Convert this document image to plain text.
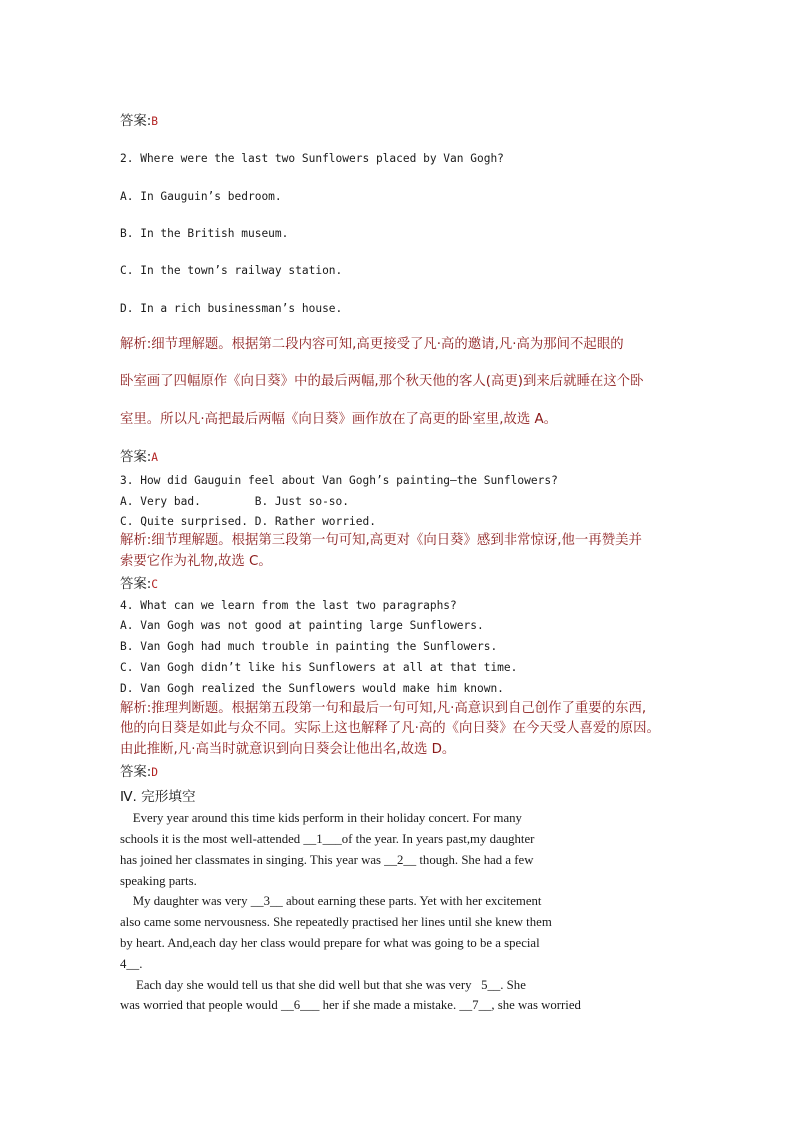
答案:B
2. Where were the last two Sunflowers placed by Van Gogh?
A. In Gauguin’s bedroom.
B. In the British museum.
C. In the town’s railway station.
D. In a rich businessman’s house.
解析:细节理解题。根据第二段内容可知,高更接受了凡·高的邀请,凡·高为那间不起眼的
卧室画了四幅原作《向日葵》中的最后两幅,那个秋天他的客人(高更)到来后就睡在这个卧
室里。所以凡·高把最后两幅《向日葵》画作放在了高更的卧室里,故选 A。
答案:A
3. How did Gauguin feel about Van Gogh’s painting—the Sunflowers?
A. Very bad.        B. Just so-so.
C. Quite surprised. D. Rather worried.
解析:细节理解题。根据第三段第一句可知,高更对《向日葵》感到非常惊讶,他一再赞美并
索要它作为礼物,故选 C。
答案:C
4. What can we learn from the last two paragraphs?
A. Van Gogh was not good at painting large Sunflowers.
B. Van Gogh had much trouble in painting the Sunflowers.
C. Van Gogh didn’t like his Sunflowers at all at that time.
D. Van Gogh realized the Sunflowers would make him known.
解析:推理判断题。根据第五段第一句和最后一句可知,凡·高意识到自己创作了重要的东西,
他的向日葵是如此与众不同。实际上这也解释了凡·高的《向日葵》在今天受人喜爱的原因。
由此推断,凡·高当时就意识到向日葵会让他出名,故选 D。
答案:D
Ⅳ. 完形填空
Every year around this time kids perform in their holiday concert. For many
schools it is the most well-attended __1___of the year. In years past,my daughter
has joined her classmates in singing. This year was __2__ though. She had a few
speaking parts.
My daughter was very __3__ about earning these parts. Yet with her excitement
also came some nervousness. She repeatedly practised her lines until she knew them
by heart. And,each day her class would prepare for what was going to be a special
4__.
Each day she would tell us that she did well but that she was very   5__. She
was worried that people would __6___ her if she made a mistake. __7__, she was worried
